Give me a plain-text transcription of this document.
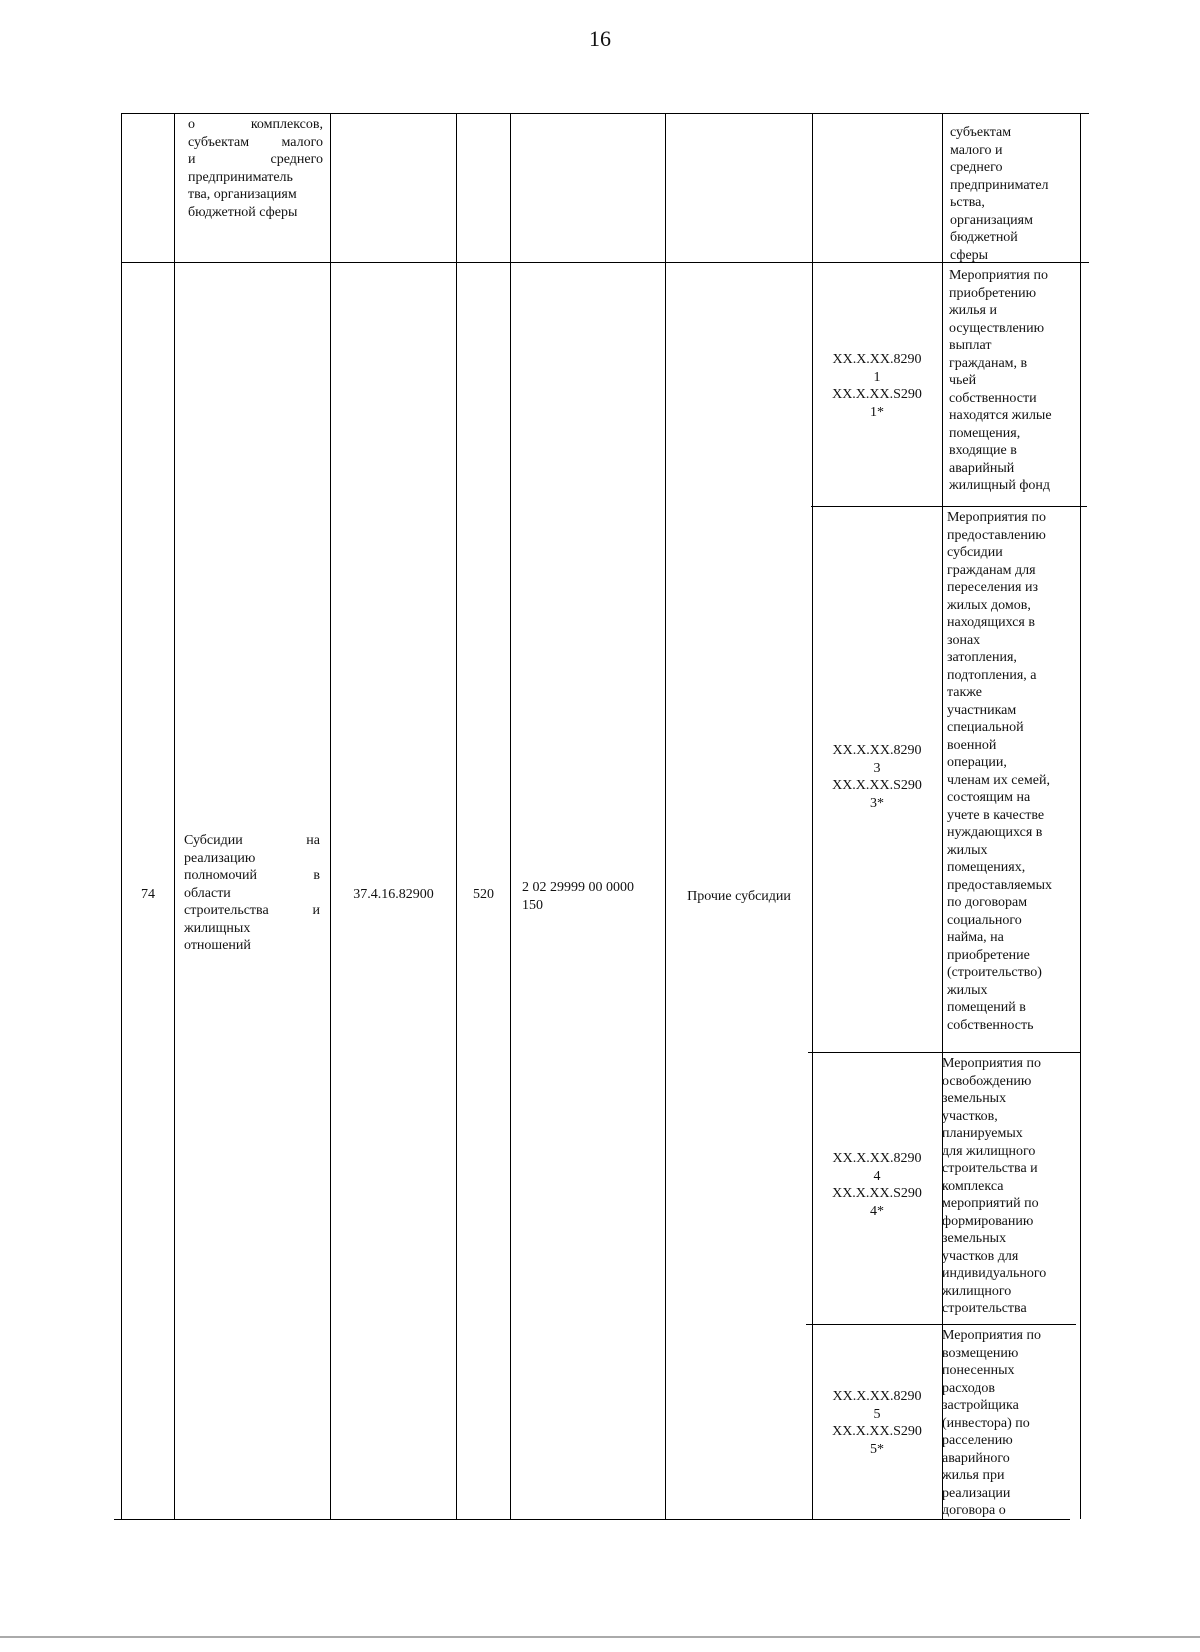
16
о комплексов,
субъектам малого
и среднего
предприниматель
тва, организациям
бюджетной сферы
субъектам
малого и
среднего
предпринимател
ьства,
организациям
бюджетной
сферы
74
Субсидии на
реализацию
полномочий в
области
строительства и
жилищных
отношений
37.4.16.82900	520	2 02 29999 00 0000
150
Прочие субсидии
XX.X.XX.8290
1
XX.X.XX.S290
1*
Мероприятия по
приобретению
жилья и
осуществлению
выплат
гражданам, в
чьей
собственности
находятся жилые
помещения,
входящие в
аварийный
жилищный фонд
XX.X.XX.8290
3
XX.X.XX.S290
3*
Мероприятия по
предоставлению
субсидии
гражданам для
переселения из
жилых домов,
находящихся в
зонах
затопления,
подтопления, а
также
участникам
специальной
военной
операции,
членам их семей,
состоящим на
учете в качестве
нуждающихся в
жилых
помещениях,
предоставляемых
по договорам
социального
найма, на
приобретение
(строительство)
жилых
помещений в
собственность
XX.X.XX.8290
4
XX.X.XX.S290
4*
Мероприятия по
освобождению
земельных
участков,
планируемых
для жилищного
строительства и
комплекса
мероприятий по
формированию
земельных
участков для
индивидуального
жилищного
строительства
XX.X.XX.8290
5
XX.X.XX.S290
5*
Мероприятия по
возмещению
понесенных
расходов
застройщика
(инвестора) по
расселению
аварийного
жилья при
реализации
договора о
